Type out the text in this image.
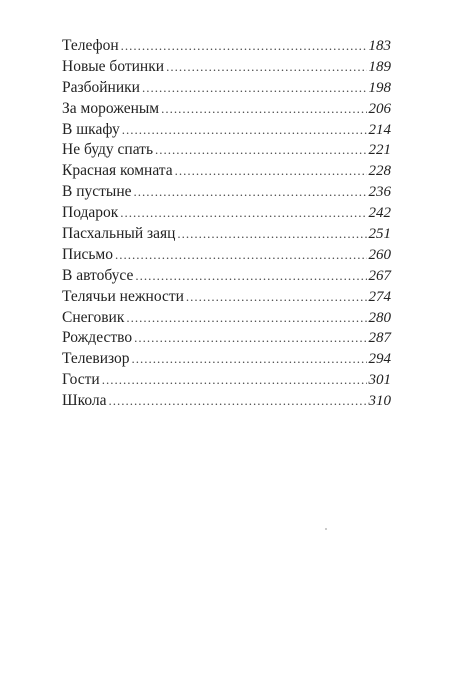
Телефон .....	183
Новые ботинки .....	189
Разбойники .....	198
За мороженым .....	206
В шкафу .....	214
Не буду спать .....	221
Красная комната .....	228
В пустыне .....	236
Подарок .....	242
Пасхальный заяц .....	251
Письмо .....	260
В автобусе .....	267
Телячьи нежности .....	274
Снеговик .....	280
Рождество .....	287
Телевизор .....	294
Гости .....	301
Школа .....	310
